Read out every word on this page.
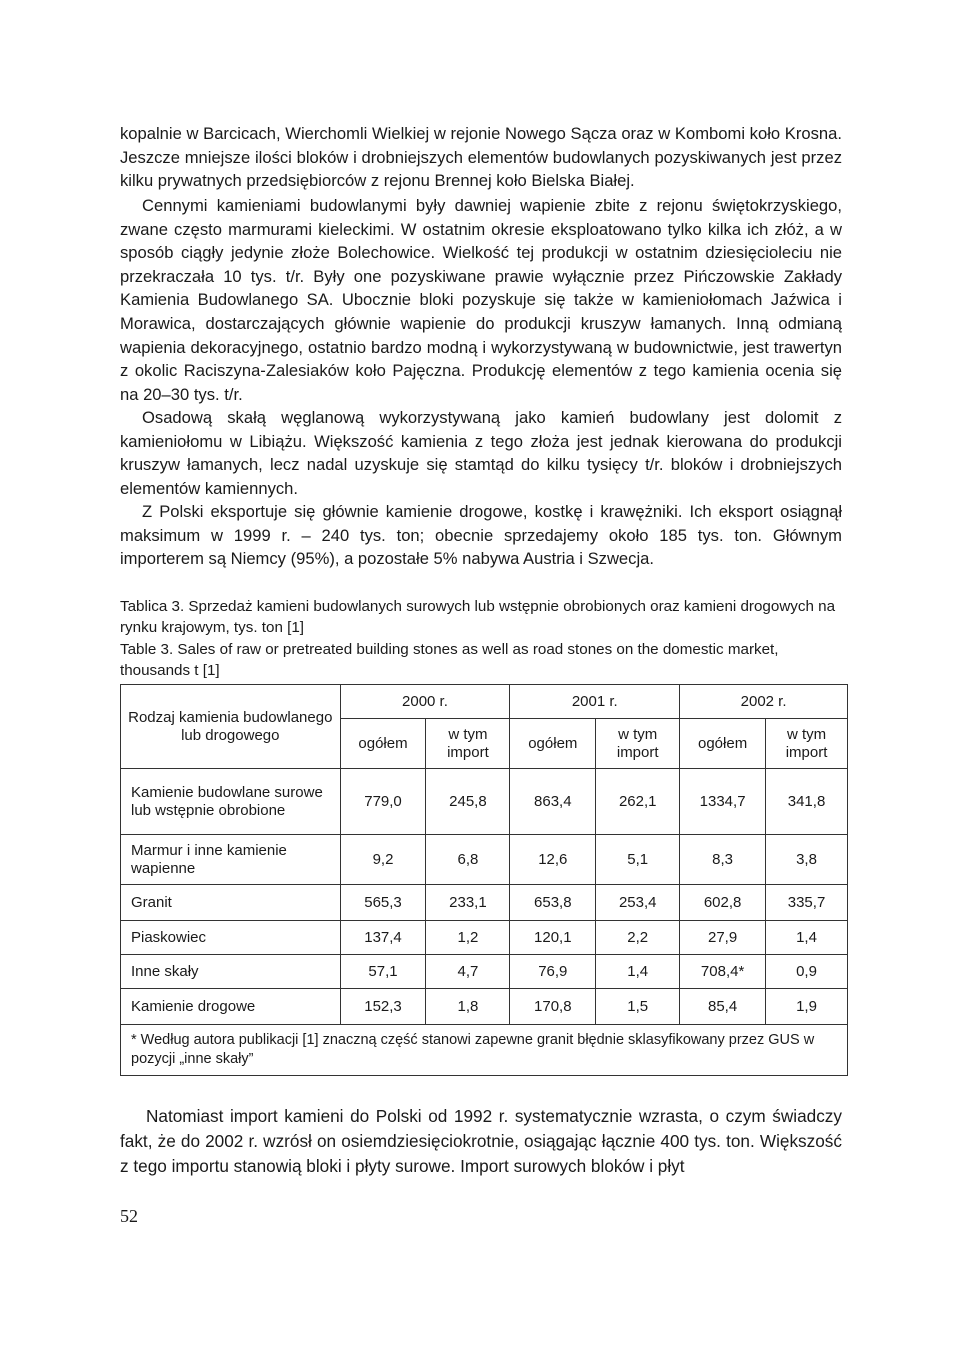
kopalnie w Barcicach, Wierchomli Wielkiej w rejonie Nowego Sącza oraz w Kombomi koło Krosna. Jeszcze mniejsze ilości bloków i drobniejszych elementów budowlanych pozyskiwanych jest przez kilku prywatnych przedsiębiorców z rejonu Brennej koło Bielska Białej.

Cennymi kamieniami budowlanymi były dawniej wapienie zbite z rejonu świętokrzyskiego, zwane często marmurami kieleckimi. W ostatnim okresie eksploatowano tylko kilka ich złóż, a w sposób ciągły jedynie złoże Bolechowice. Wielkość tej produkcji w ostatnim dziesięcioleciu nie przekraczała 10 tys. t/r. Były one pozyskiwane prawie wyłącznie przez Pińczowskie Zakłady Kamienia Budowlanego SA. Ubocznie bloki pozyskuje się także w kamieniołomach Jaźwica i Morawica, dostarczających głównie wapienie do produkcji kruszyw łamanych. Inną odmianą wapienia dekoracyjnego, ostatnio bardzo modną i wykorzystywaną w budownictwie, jest trawertyn z okolic Raciszyna-Zalesiaków koło Pajęczna. Produkcję elementów z tego kamienia ocenia się na 20–30 tys. t/r.

Osadową skałą węglanową wykorzystywaną jako kamień budowlany jest dolomit z kamieniołomu w Libiążu. Większość kamienia z tego złoża jest jednak kierowana do produkcji kruszyw łamanych, lecz nadal uzyskuje się stamtąd do kilku tysięcy t/r. bloków i drobniejszych elementów kamiennych.

Z Polski eksportuje się głównie kamienie drogowe, kostkę i krawężniki. Ich eksport osiągnął maksimum w 1999 r. – 240 tys. ton; obecnie sprzedajemy około 185 tys. ton. Głównym importerem są Niemcy (95%), a pozostałe 5% nabywa Austria i Szwecja.

Tablica 3. Sprzedaż kamieni budowlanych surowych lub wstępnie obrobionych oraz kamieni drogowych na rynku krajowym, tys. ton [1]

Table 3. Sales of raw or pretreated building stones as well as road stones on the domestic market, thousands t [1]

Rodzaj kamienia budowlanego lub drogowego	2000 r.		2001 r.		2002 r.	
	ogółem	w tym import	ogółem	w tym import	ogółem	w tym import
Kamienie budowlane surowe lub wstępnie obrobione	779,0	245,8	863,4	262,1	1334,7	341,8
Marmur i inne kamienie wapienne	9,2	6,8	12,6	5,1	8,3	3,8
Granit	565,3	233,1	653,8	253,4	602,8	335,7
Piaskowiec	137,4	1,2	120,1	2,2	27,9	1,4
Inne skały	57,1	4,7	76,9	1,4	708,4*	0,9
Kamienie drogowe	152,3	1,8	170,8	1,5	85,4	1,9
* Według autora publikacji [1] znaczną część stanowi zapewne granit błędnie sklasyfikowany przez GUS w pozycji „inne skały”						

Natomiast import kamieni do Polski od 1992 r. systematycznie wzrasta, o czym świadczy fakt, że do 2002 r. wzrósł on osiemdziesięciokrotnie, osiągając łącznie 400 tys. ton. Większość z tego importu stanowią bloki i płyty surowe. Import surowych bloków i płyt

52
